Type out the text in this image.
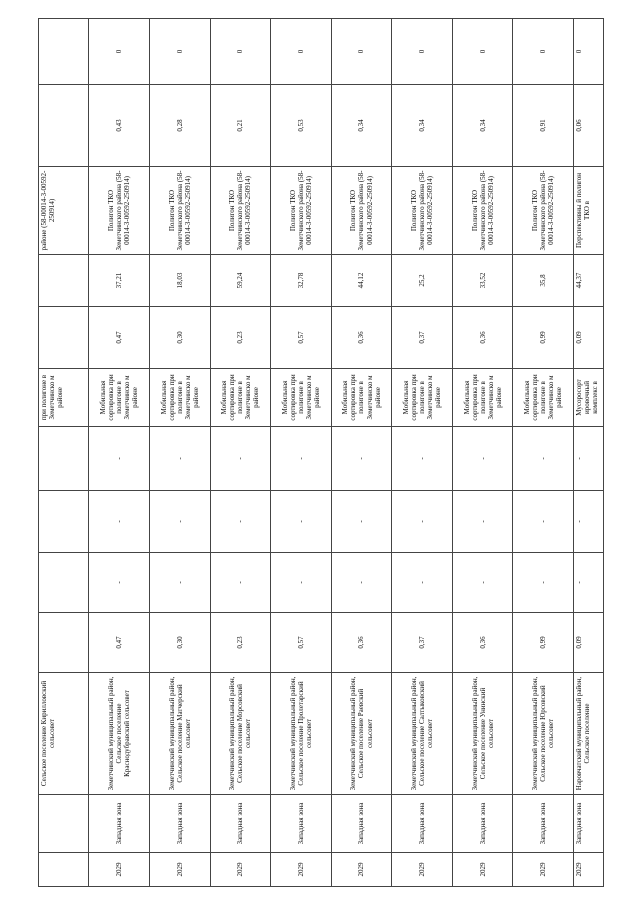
		Сельское поселение Кирилловский сельсовет					при полигоне в Земетчинско м районе			районе (58-00014-З-00592-250914)		
2029	Западная зона	Земетчинский муниципальный район, Сельское поселение Краснодубравский сельсовет	0,47	-	-	-	Мобильная сортировка при полигоне в Земетчинско м районе	0,47	37,21	Полигон ТКО Земетчинского района (58-00014-З-00592-250914)	0,43	0
2029	Западная зона	Земетчинский муниципальный район, Сельское поселение Матчерский сельсовет	0,30	-	-	-	Мобильная сортировка при полигоне в Земетчинско м районе	0,30	18,03	Полигон ТКО Земетчинского района (58-00014-З-00592-250914)	0,28	0
2029	Западная зона	Земетчинский муниципальный район, Сельское поселение Морсовский сельсовет	0,23	-	-	-	Мобильная сортировка при полигоне в Земетчинско м районе	0,23	59,24	Полигон ТКО Земетчинского района (58-00014-З-00592-250914)	0,21	0
2029	Западная зона	Земетчинский муниципальный район, Сельское поселение Пролетарский сельсовет	0,57	-	-	-	Мобильная сортировка при полигоне в Земетчинско м районе	0,57	32,78	Полигон ТКО Земетчинского района (58-00014-З-00592-250914)	0,53	0
2029	Западная зона	Земетчинский муниципальный район, Сельское поселение Раевский сельсовет	0,36	-	-	-	Мобильная сортировка при полигоне в Земетчинско м районе	0,36	44,12	Полигон ТКО Земетчинского района (58-00014-З-00592-250914)	0,34	0
2029	Западная зона	Земетчинский муниципальный район, Сельское поселение Салтыковский сельсовет	0,37	-	-	-	Мобильная сортировка при полигоне в Земетчинско м районе	0,37	25,2	Полигон ТКО Земетчинского района (58-00014-З-00592-250914)	0,34	0
2029	Западная зона	Земетчинский муниципальный район, Сельское поселение Унинский сельсовет	0,36	-	-	-	Мобильная сортировка при полигоне в Земетчинско м районе	0,36	33,52	Полигон ТКО Земетчинского района (58-00014-З-00592-250914)	0,34	0
2029	Западная зона	Земетчинский муниципальный район, Сельское поселение Юрсовский сельсовет	0,99	-	-	-	Мобильная сортировка при полигоне в Земетчинско м районе	0,99	35,8	Полигон ТКО Земетчинского района (58-00014-З-00592-250914)	0,91	0
2029	Западная зона	Наровчатский муниципальный район, Сельское поселение	0,09	-	-	-	Мусоросорт ировочный комплекс в	0,09	44,37	Перспективны й полигон ТКО в	0,06	0
